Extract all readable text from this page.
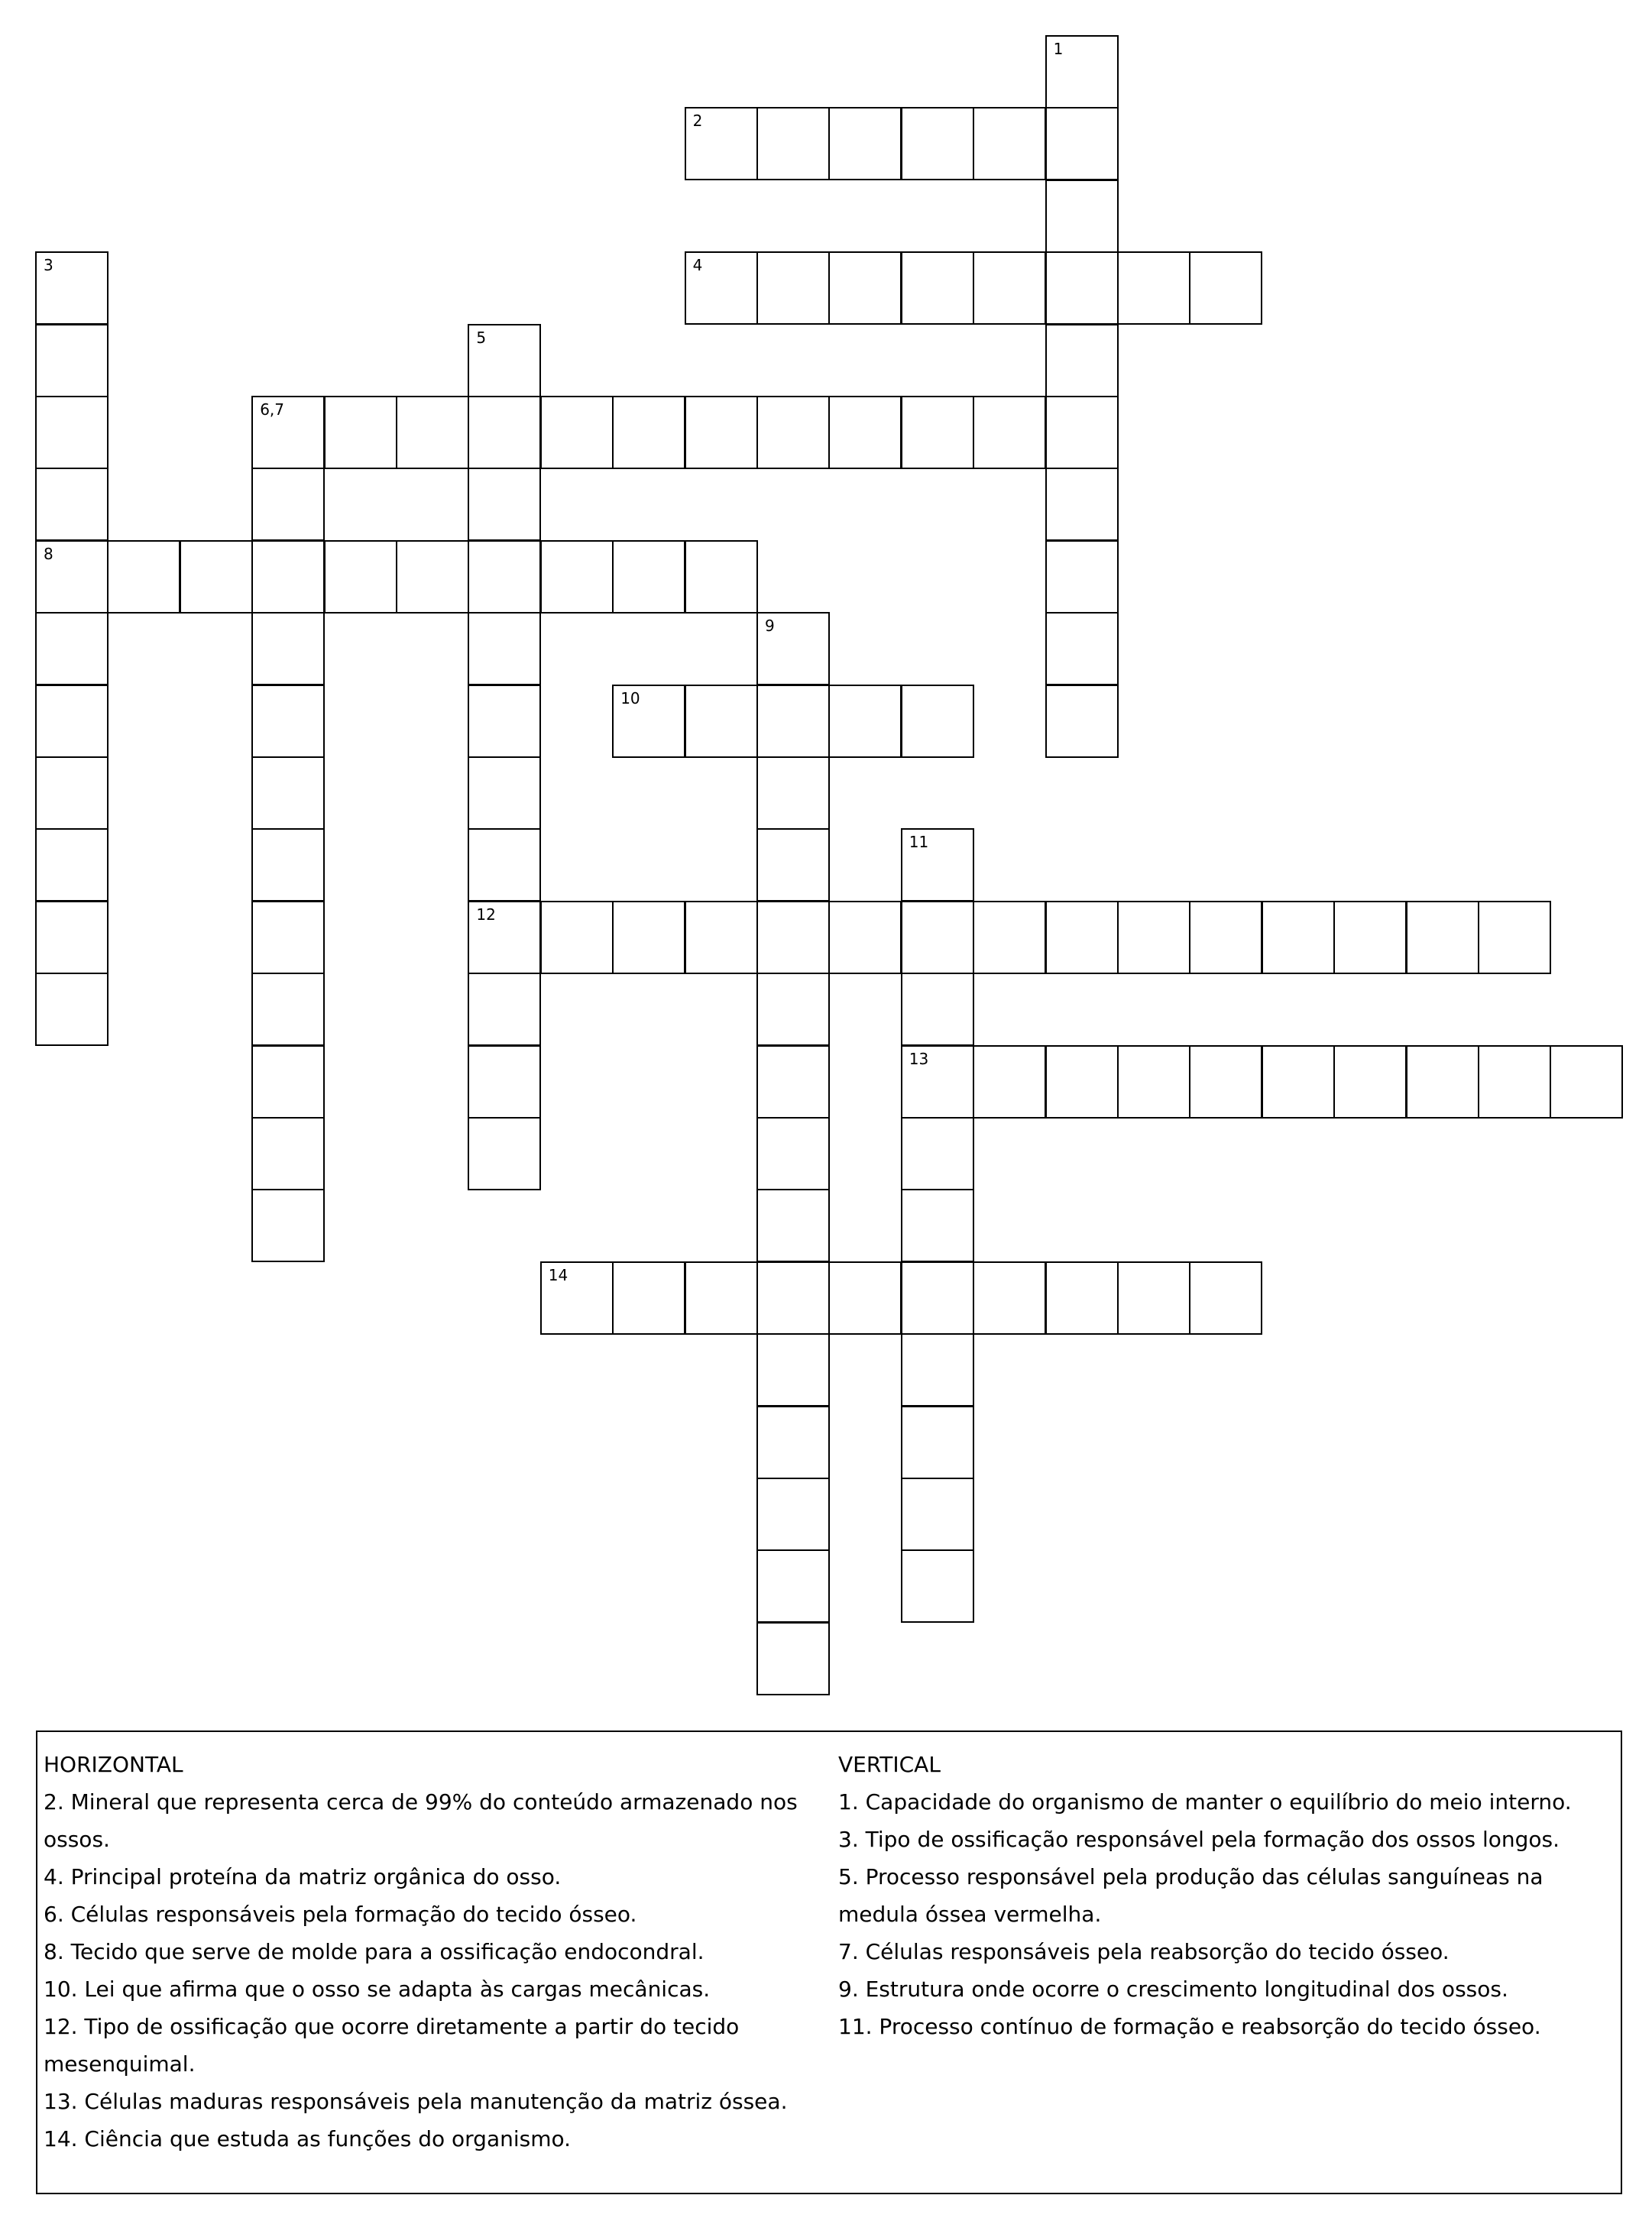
1
2
3
8
4
5
12
6,7
9
10
11
13
14

HORIZONTAL

2. Mineral que representa cerca de 99% do conteúdo armazenado nos ossos.

4. Principal proteína da matriz orgânica do osso.

6. Células responsáveis pela formação do tecido ósseo.

8. Tecido que serve de molde para a ossificação endocondral.

10. Lei que afirma que o osso se adapta às cargas mecânicas.

12. Tipo de ossificação que ocorre diretamente a partir do tecido mesenquimal.

13. Células maduras responsáveis pela manutenção da matriz óssea.

14. Ciência que estuda as funções do organismo.

VERTICAL

1. Capacidade do organismo de manter o equilíbrio do meio interno.

3. Tipo de ossificação responsável pela formação dos ossos longos.

5. Processo responsável pela produção das células sanguíneas na medula óssea vermelha.

7. Células responsáveis pela reabsorção do tecido ósseo.

9. Estrutura onde ocorre o crescimento longitudinal dos ossos.

11. Processo contínuo de formação e reabsorção do tecido ósseo.
